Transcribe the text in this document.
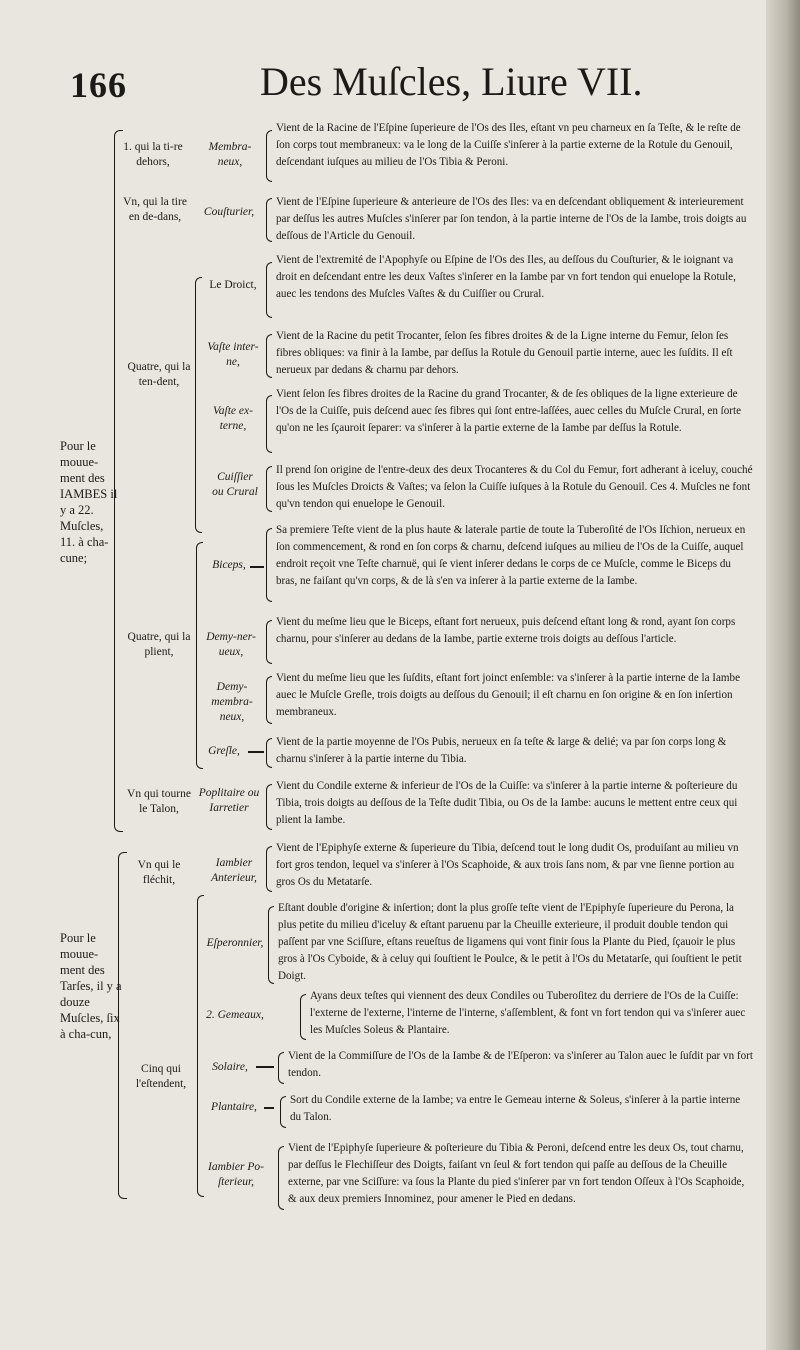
166	Des Muſcles, Liure VII.
Pour le mouue-ment des IAMBES il y a 22. Muſcles, 11. à cha-cune;
Pour le mouue-ment des Tarſes, il y a douze Muſcles, ſix à cha-cun,
1. qui la ti-re dehors,
Vn, qui la tire en de-dans,
Quatre, qui la ten-dent,
Quatre, qui la plient,
Vn qui tourne le Talon,
Vn qui le fléchit,
Cinq qui l'eſtendent,
Membra-neux,
Vient de la Racine de l'Eſpine ſuperieure de l'Os des Iles, eſtant vn peu charneux en ſa Teſte, & le reſte de ſon corps tout membraneux: va le long de la Cuiſſe s'inſerer à la partie externe de la Rotule du Genouil, deſcendant iuſques au milieu de l'Os Tibia & Peroni.
Couſturier,
Vient de l'Eſpine ſuperieure & anterieure de l'Os des Iles: va en deſcendant obliquement & interieurement par deſſus les autres Muſcles s'inſerer par ſon tendon, à la partie interne de l'Os de la Iambe, trois doigts au deſſous de l'Article du Genouil.
Le Droict,
Vient de l'extremité de l'Apophyſe ou Eſpine de l'Os des Iles, au deſſous du Couſturier, & le ioignant va droit en deſcendant entre les deux Vaſtes s'inſerer en la Iambe par vn fort tendon qui enuelope la Rotule, auec les tendons des Muſcles Vaſtes & du Cuiſſier ou Crural.
Vaſte inter-ne,
Vient de la Racine du petit Trocanter, ſelon ſes fibres droites & de la Ligne interne du Femur, ſelon ſes fibres obliques: va finir à la Iambe, par deſſus la Rotule du Genouil partie interne, auec les ſuſdits. Il eſt nerueux par dedans & charnu par dehors.
Vaſte ex-terne,
Vient ſelon ſes fibres droites de la Racine du grand Trocanter, & de ſes obliques de la ligne exterieure de l'Os de la Cuiſſe, puis deſcend auec ſes fibres qui ſont entre-laſſées, auec celles du Muſcle Crural, en ſorte qu'on ne les ſçauroit ſeparer: va s'inſerer à la partie externe de la Iambe par deſſus la Rotule.
Cuiſſier ou Crural
Il prend ſon origine de l'entre-deux des deux Trocanteres & du Col du Femur, fort adherant à iceluy, couché ſous les Muſcles Droicts & Vaſtes; va ſelon la Cuiſſe iuſques à la Rotule du Genouil. Ces 4. Muſcles ne font qu'vn tendon qui enuelope le Genouil.
Biceps,
Sa premiere Teſte vient de la plus haute & laterale partie de toute la Tuberoſité de l'Os Iſchion, nerueux en ſon commencement, & rond en ſon corps & charnu, deſcend iuſques au milieu de l'Os de la Cuiſſe, auquel endroit reçoit vne Teſte charnuë, qui ſe vient inſerer dedans le corps de ce Muſcle, comme le Biceps du bras, ne faiſant qu'vn corps, & de là s'en va inſerer à la partie externe de la Iambe.
Demy-ner-ueux,
Vient du meſme lieu que le Biceps, eſtant fort nerueux, puis deſcend eſtant long & rond, ayant ſon corps charnu, pour s'inſerer au dedans de la Iambe, partie externe trois doigts au deſſous l'article.
Demy-membra-neux,
Vient du meſme lieu que les ſuſdits, eſtant fort joinct enſemble: va s'inſerer à la partie interne de la Iambe auec le Muſcle Greſle, trois doigts au deſſous du Genouil; il eſt charnu en ſon origine & en ſon inſertion membraneux.
Greſle,
Vient de la partie moyenne de l'Os Pubis, nerueux en ſa teſte & large & delié; va par ſon corps long & charnu s'inſerer à la partie interne du Tibia.
Poplitaire ou Iarretier
Vient du Condile externe & inferieur de l'Os de la Cuiſſe: va s'inſerer à la partie interne & poſterieure du Tibia, trois doigts au deſſous de la Teſte dudit Tibia, ou Os de la Iambe: aucuns le mettent entre ceux qui plient la Iambe.
Iambier Anterieur,
Vient de l'Epiphyſe externe & ſuperieure du Tibia, deſcend tout le long dudit Os, produiſant au milieu vn fort gros tendon, lequel va s'inſerer à l'Os Scaphoide, & aux trois ſans nom, & par vne ſienne portion au gros Os du Metatarſe.
Eſperonnier,
Eſtant double d'origine & inſertion; dont la plus groſſe teſte vient de l'Epiphyſe ſuperieure du Perona, la plus petite du milieu d'iceluy & eſtant paruenu par la Cheuille exterieure, il produit double tendon qui paſſent par vne Sciſſure, eſtans reueſtus de ligamens qui vont finir ſous la Plante du Pied, ſçauoir le plus gros à l'Os Cyboide, & à celuy qui ſouſtient le Poulce, & le petit à l'Os du Metatarſe, qui ſouſtient le petit Doigt.
2. Gemeaux,
Ayans deux teſtes qui viennent des deux Condiles ou Tuberoſitez du derriere de l'Os de la Cuiſſe: l'externe de l'externe, l'interne de l'interne, s'aſſemblent, & font vn fort tendon qui va s'inſerer auec les Muſcles Soleus & Plantaire.
Solaire,
Vient de la Commiſſure de l'Os de la Iambe & de l'Eſperon: va s'inſerer au Talon auec le ſuſdit par vn fort tendon.
Plantaire,
Sort du Condile externe de la Iambe; va entre le Gemeau interne & Soleus, s'inſerer à la partie interne du Talon.
Iambier Po-ſterieur,
Vient de l'Epiphyſe ſuperieure & poſterieure du Tibia & Peroni, deſcend entre les deux Os, tout charnu, par deſſus le Flechiſſeur des Doigts, faiſant vn ſeul & fort tendon qui paſſe au deſſous de la Cheuille externe, par vne Sciſſure: va ſous la Plante du pied s'inſerer par vn fort tendon Oſſeux à l'Os Scaphoide, & aux deux premiers Innominez, pour amener le Pied en dedans.
